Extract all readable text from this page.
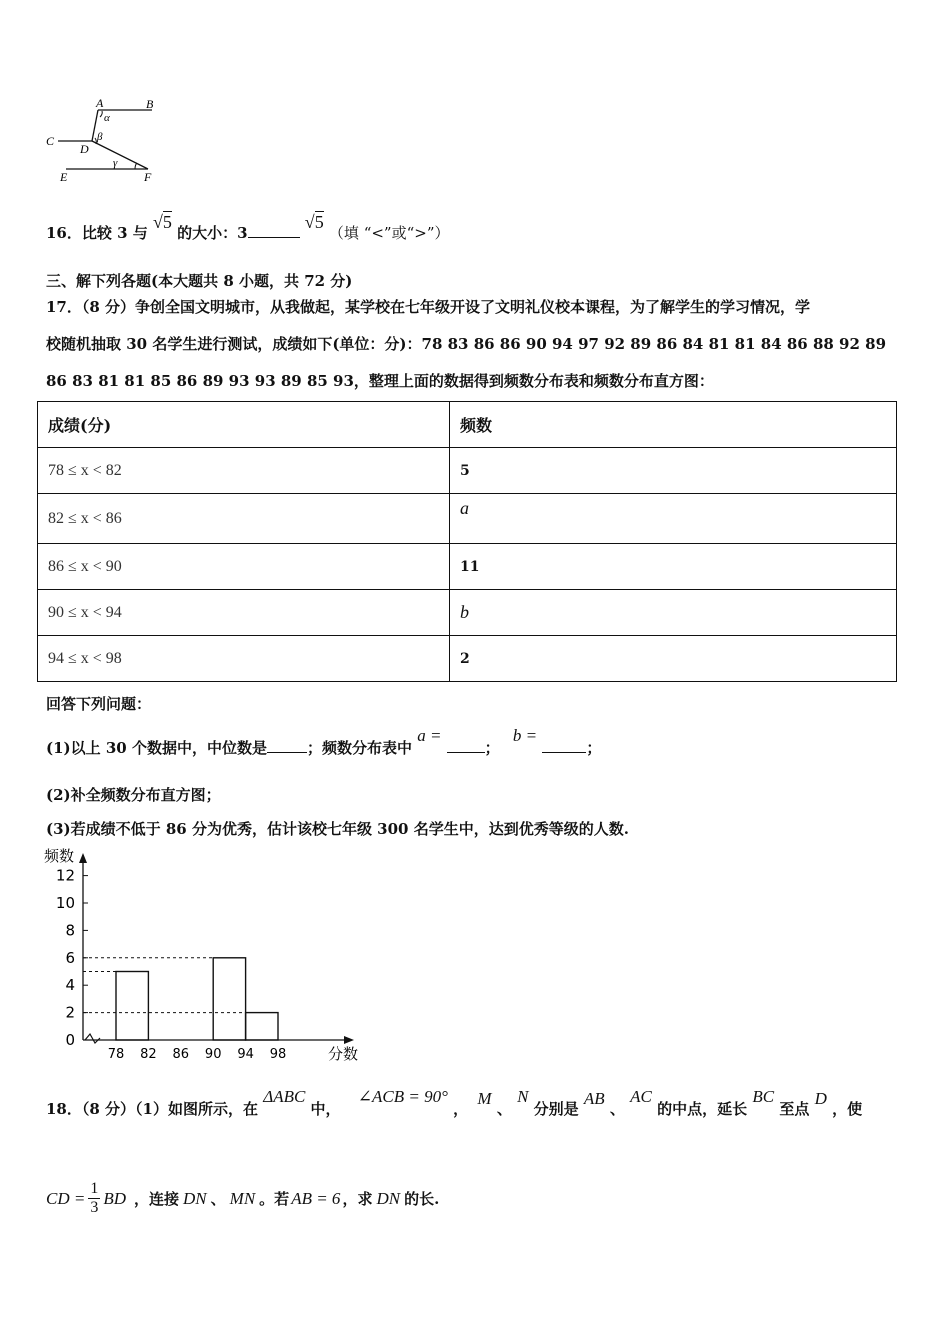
A	B
C
D
E	F
α
β
γ
16．比较 3 与 √5 的大小：3 √5 （填 “<”或“>”）
三、解下列各题(本大题共 8 小题，共 72 分)
17．（8 分）争创全国文明城市，从我做起，某学校在七年级开设了文明礼仪校本课程，为了解学生的学习情况，学
校随机抽取 30 名学生进行测试，成绩如下(单位：分)：78 83 86 86 90 94 97 92 89 86 84 81 81 84 86 88 92 89
86 83 81 81 85 86 89 93 93 89 85 93，整理上面的数据得到频数分布表和频数分布直方图：
成绩(分)	频数
78 ≤ x < 82	5
82 ≤ x < 86	a
86 ≤ x < 90	11
90 ≤ x < 94	b
94 ≤ x < 98	2
回答下列问题：
(1)以上 30 个数据中，中位数是	；频数分布表中 a = ； b = ；
(2)补全频数分布直方图；
(3)若成绩不低于 86 分为优秀，估计该校七年级 300 名学生中，达到优秀等级的人数.
0
2
4
6
8
10
12
78 82 86 90 94 98
频数
分数
18．（8 分）（1）如图所示，在 ΔABC 中， ∠ACB = 90° ， M 、 N 分别是 AB 、 AC 的中点，延长 BC 至点 D ，使
CD = $\frac{1}{3}$ BD ，连接 DN 、 MN 。若 AB = 6 ，求 DN 的长.
